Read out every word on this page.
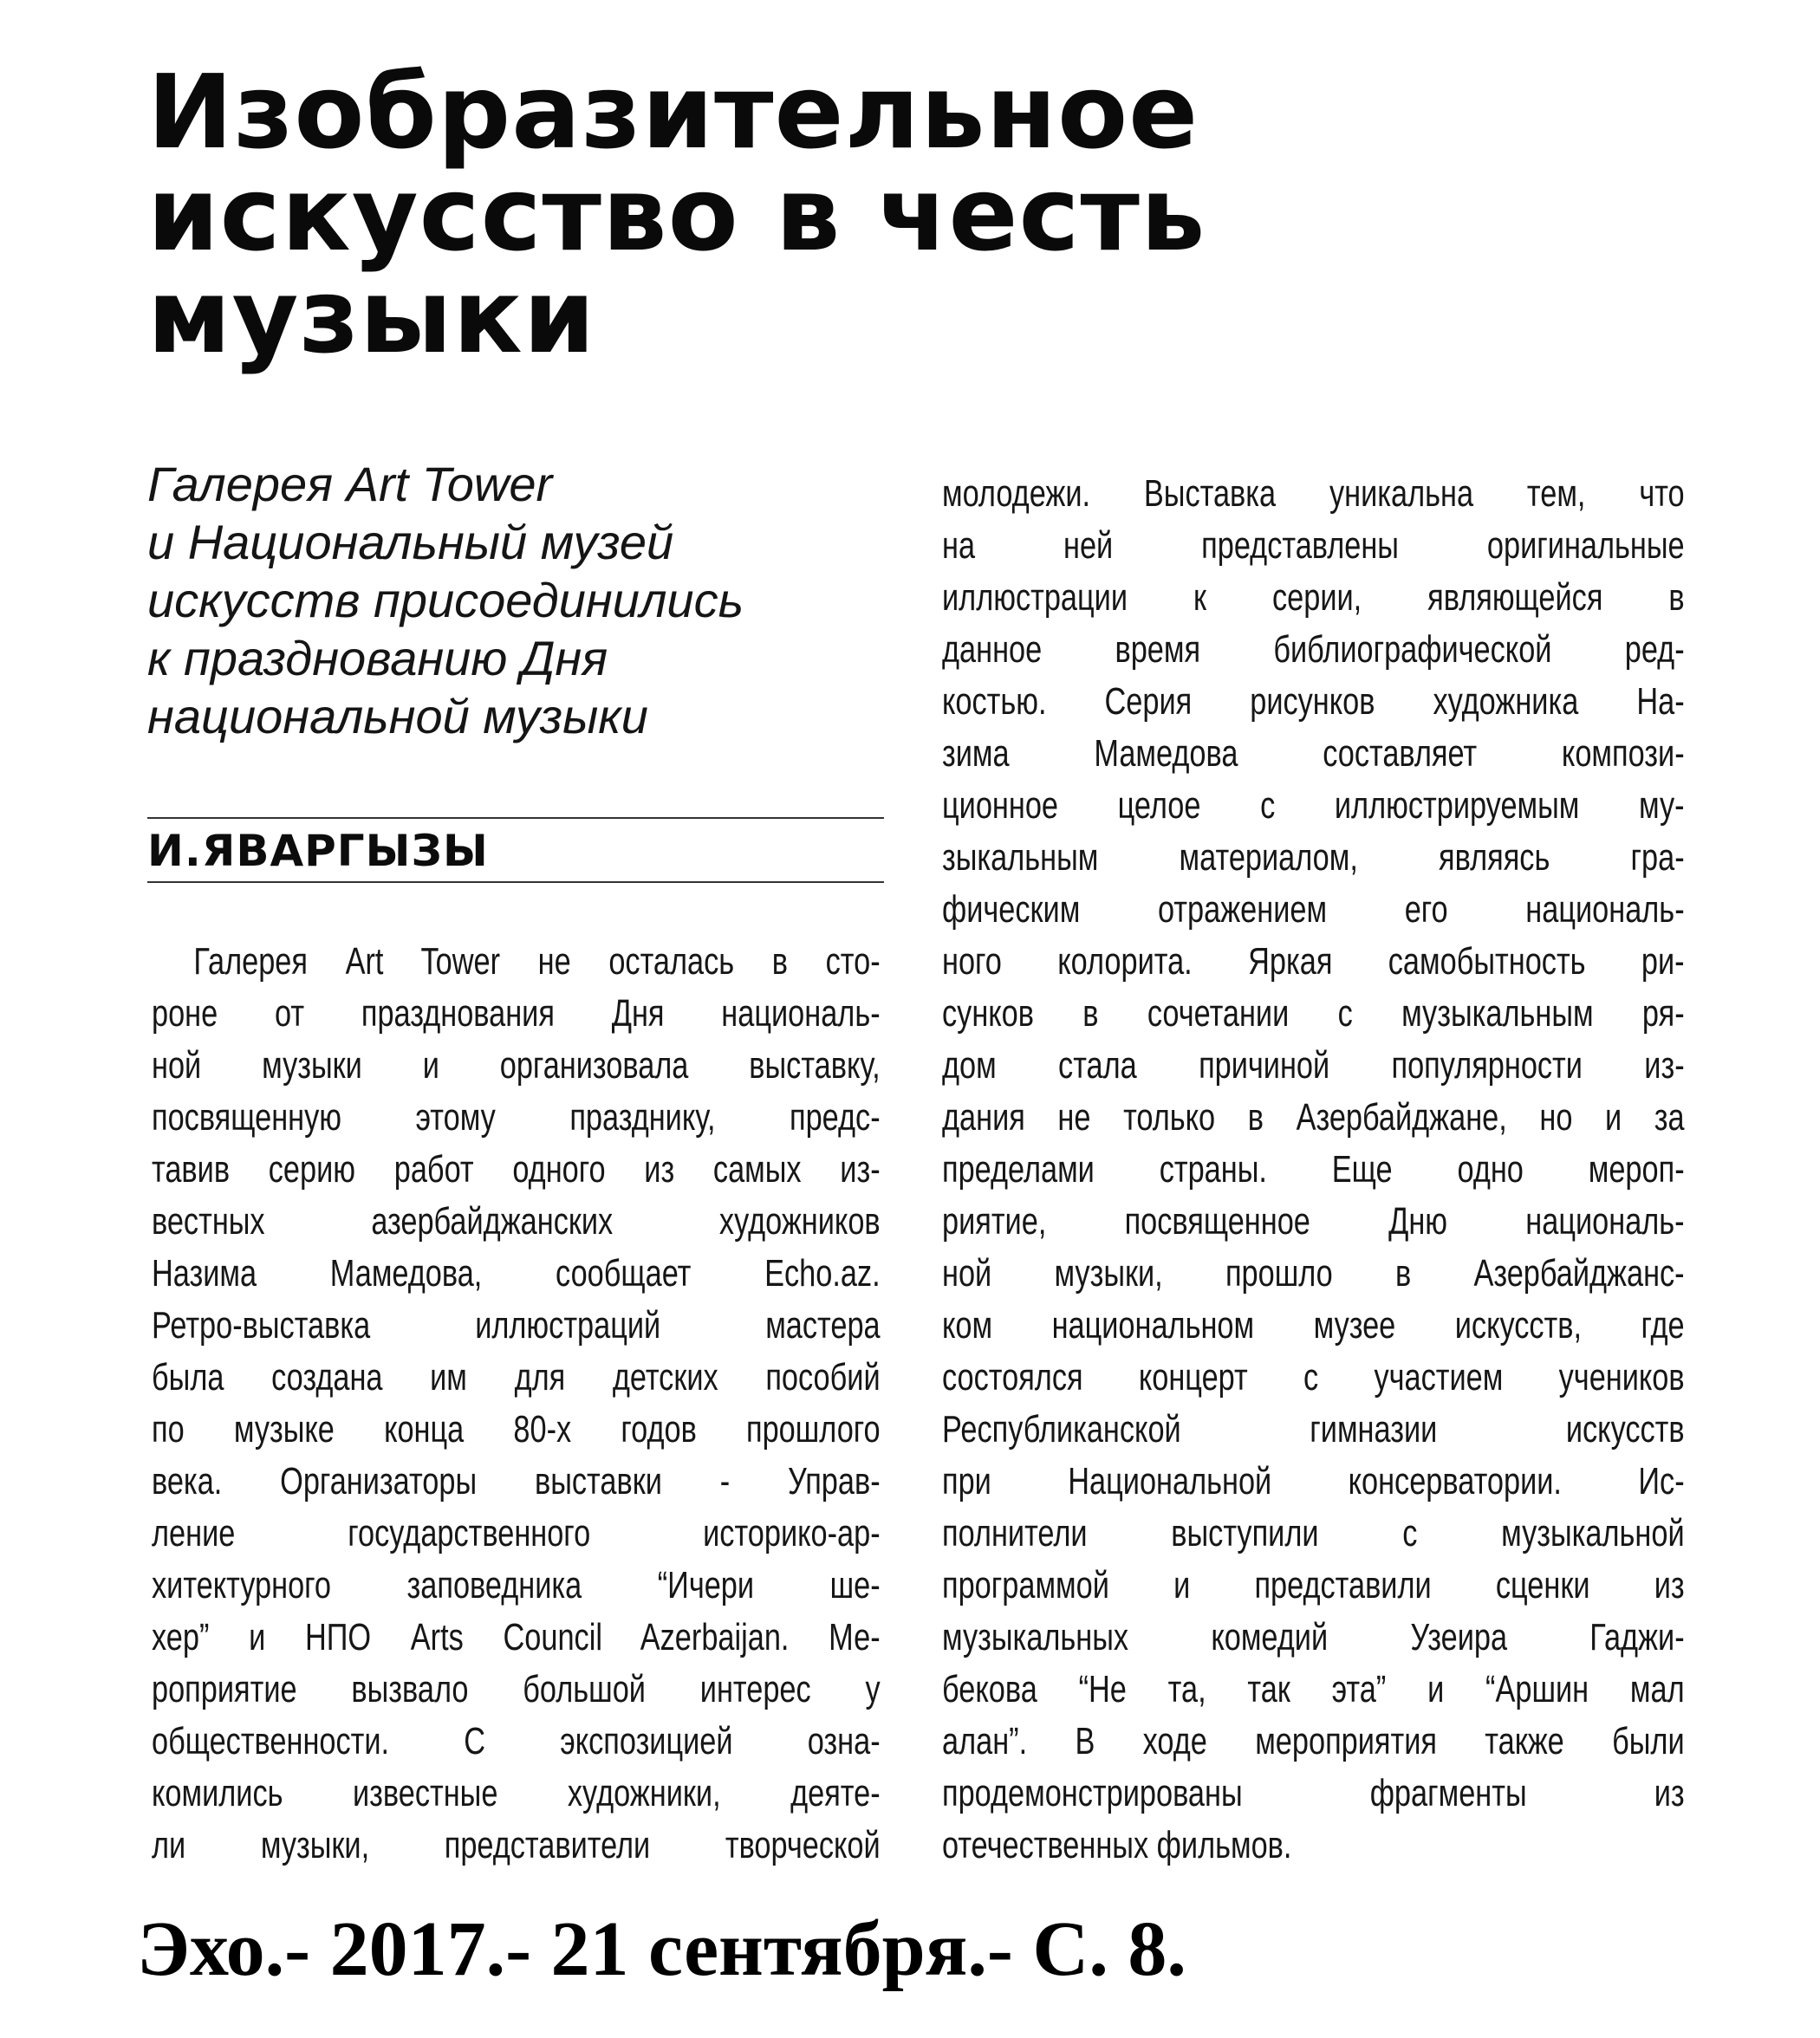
Изобразительное
искусство в честь
музыки
Галерея Art Tower
и Национальный музей
искусств присоединились
к празднованию Дня
национальной музыки
И.ЯВАРГЫЗЫ
Галерея Art Tower не осталась в сто-
роне от празднования Дня националь-
ной музыки и организовала выставку,
посвященную этому празднику, предс-
тавив серию работ одного из самых из-
вестных азербайджанских художников
Назима Мамедова, сообщает Echo.az.
Ретро-выставка иллюстраций мастера
была создана им для детских пособий
по музыке конца 80-х годов прошлого
века. Организаторы выставки - Управ-
ление государственного историко-ар-
хитектурного заповедника “Ичери ше-
хер” и НПО Arts Council Azerbaijan. Ме-
роприятие вызвало большой интерес у
общественности. С экспозицией озна-
комились известные художники, деяте-
ли музыки, представители творческой
молодежи. Выставка уникальна тем, что
на ней представлены оригинальные
иллюстрации к серии, являющейся в
данное время библиографической ред-
костью. Серия рисунков художника На-
зима Мамедова составляет компози-
ционное целое с иллюстрируемым му-
зыкальным материалом, являясь гра-
фическим отражением его националь-
ного колорита. Яркая самобытность ри-
сунков в сочетании с музыкальным ря-
дом стала причиной популярности из-
дания не только в Азербайджане, но и за
пределами страны. Еще одно мероп-
риятие, посвященное Дню националь-
ной музыки, прошло в Азербайджанс-
ком национальном музее искусств, где
состоялся концерт с участием учеников
Республиканской гимназии искусств
при Национальной консерватории. Ис-
полнители выступили с музыкальной
программой и представили сценки из
музыкальных комедий Узеира Гаджи-
бекова “Не та, так эта” и “Аршин мал
алан”. В ходе мероприятия также были
продемонстрированы фрагменты из
отечественных фильмов.
Эхо.- 2017.- 21 сентября.- С. 8.
